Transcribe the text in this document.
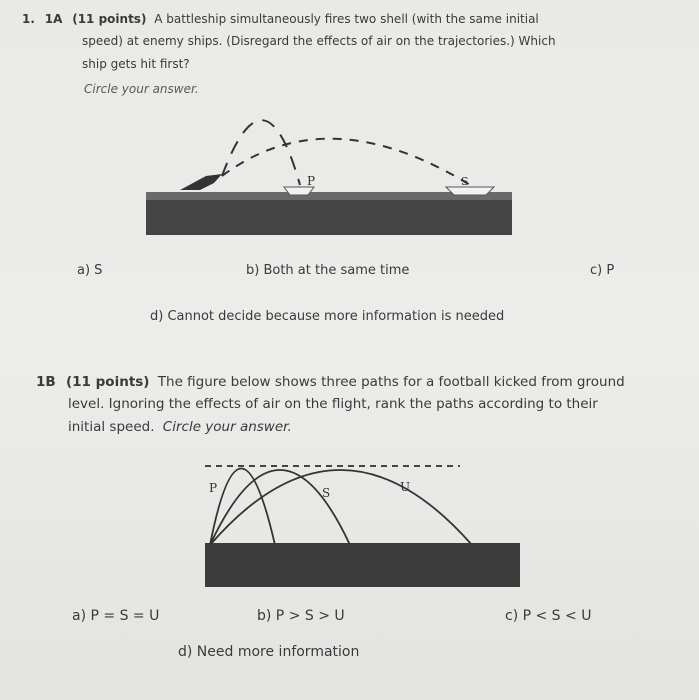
1. 1A (11 points) A battleship simultaneously fires two shell (with the same initial
speed) at enemy ships. (Disregard the effects of air on the trajectories.) Which
ship gets hit first?
Circle your answer.
P	S
a) S	b) Both at the same time	c) P
d) Cannot decide because more information is needed
1B (11 points) The figure below shows three paths for a football kicked from ground
level. Ignoring the effects of air on the flight, rank the paths according to their
initial speed. Circle your answer.
P	S	U
a) P = S = U	b) P > S > U	c) P < S < U
d) Need more information
